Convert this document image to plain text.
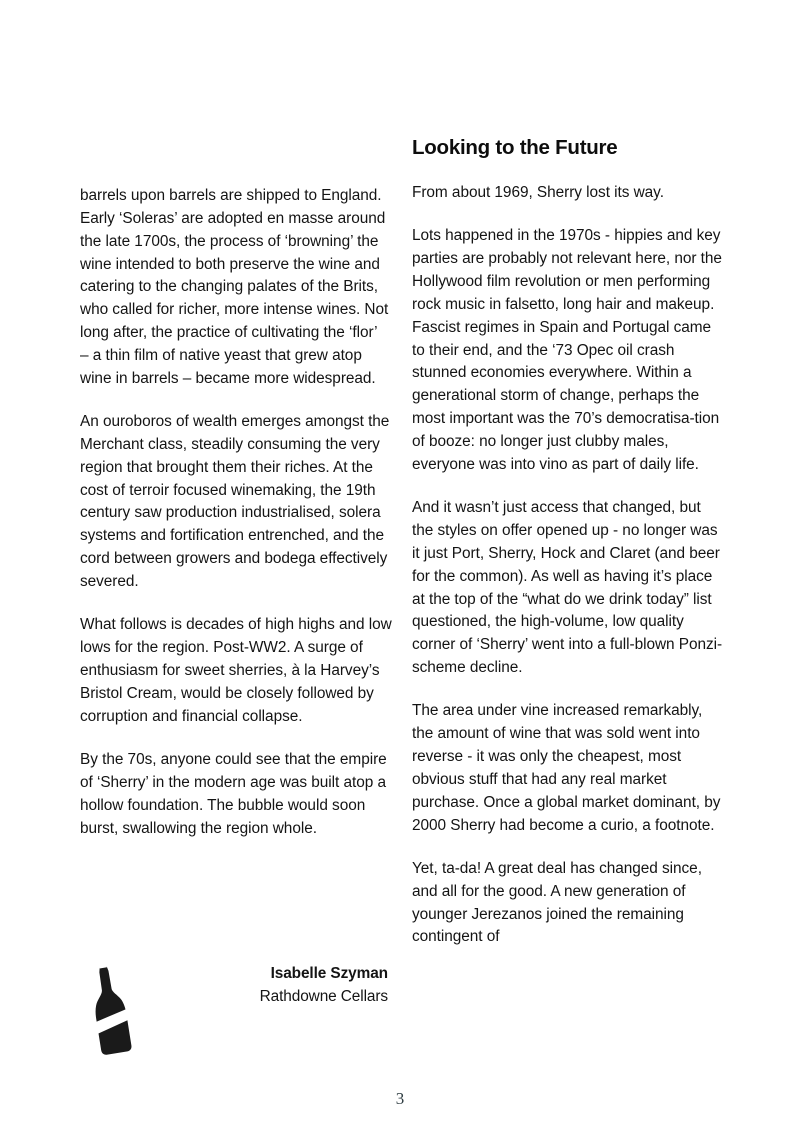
barrels upon barrels are shipped to England. Early ‘Soleras’ are adopted en masse around the late 1700s, the process of ‘browning’ the wine intended to both preserve the wine and catering to the changing palates of the Brits, who called for richer, more intense wines. Not long after, the practice of cultivating the ‘flor’  – a thin film of native yeast that grew atop wine in barrels – became more widespread.

An ouroboros of wealth emerges amongst the Merchant class, steadily consuming the very region that brought them their riches. At the cost of terroir focused winemaking, the 19th century saw production industrialised, solera systems and fortification entrenched, and the cord between growers and bodega effectively severed.

What follows is decades of high highs and low lows for the region. Post-WW2. A surge of enthusiasm for sweet sherries, à la Harvey’s Bristol Cream, would be closely followed by corruption and financial collapse.

By the 70s, anyone could see that the empire of ‘Sherry’ in the modern age was built atop a hollow foundation. The bubble would soon burst, swallowing the region whole.

Isabelle Szyman
Rathdowne Cellars
Looking to the Future

From about 1969, Sherry lost its way.

Lots happened in the 1970s - hippies and key parties are probably not relevant here, nor the  Hollywood film revolution or men performing rock music in falsetto, long hair and makeup. Fascist regimes in Spain and Portugal came to their end, and the ‘73 Opec oil crash stunned economies everywhere. Within a generational storm of change, perhaps the most important was the 70’s democratisa-tion of booze: no longer just clubby males, everyone was into vino as part of daily life.

And it wasn’t just access that changed, but the styles on offer opened up - no longer was it just Port, Sherry, Hock and Claret (and beer for the common). As well as having it’s place at the top of the “what do we drink today” list questioned, the high-volume, low quality corner of ‘Sherry’ went into a full-blown Ponzi-scheme decline.

The area under vine increased remarkably, the amount of wine that was sold went into reverse - it was only the cheapest, most obvious stuff that had any real market purchase. Once a global market dominant, by 2000 Sherry had become a curio, a footnote.

Yet, ta-da! A great deal has changed since, and all for the good. A new generation of younger Jerezanos joined the remaining contingent of

3
